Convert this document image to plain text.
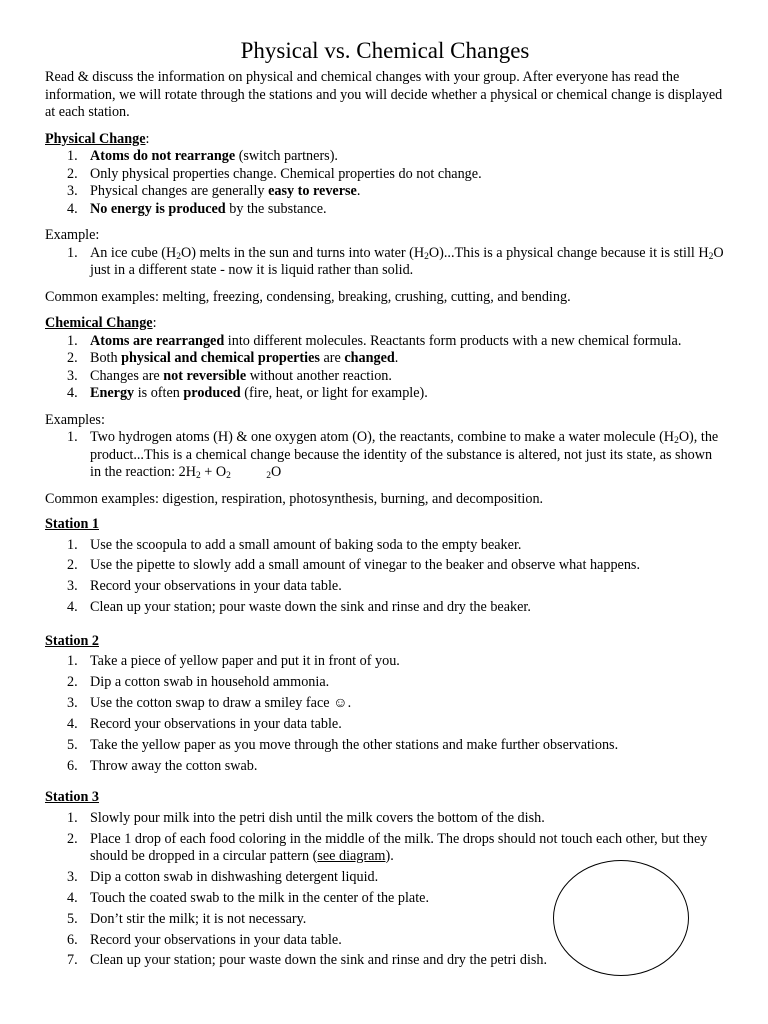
Physical vs. Chemical Changes

Read & discuss the information on physical and chemical changes with your group. After everyone has read the information, we will rotate through the stations and you will decide whether a physical or chemical change is displayed at each station.

Physical Change:

1. Atoms do not rearrange (switch partners).
2. Only physical properties change. Chemical properties do not change.
3. Physical changes are generally easy to reverse.
4. No energy is produced by the substance.

Example:

1. An ice cube $(H_2O)$ melts in the sun and turns into water $(H_2O)...This$ is a physical change because it is still $H_2O$ just in a different state - now it is liquid rather than solid.

Common examples: melting, freezing, condensing, breaking, crushing, cutting, and bending.

Chemical Change:

1. Atoms are rearranged into different molecules. Reactants form products with a new chemical formula.
2. Both physical and chemical properties are changed.
3. Changes are not reversible without another reaction.
4. Energy is often produced (fire, heat, or light for example).

Examples:

1. Two hydrogen atoms (H) & one oxygen atom (O), the reactants, combine to make a water molecule $(H_2O)$, the product...This is a chemical change because the identity of the substance is altered, not just its state, as shown in the reaction: $2H_2 + O_2$	$_2$O

Common examples: digestion, respiration, photosynthesis, burning, and decomposition.

Station 1

1. Use the scoopula to add a small amount of baking soda to the empty beaker.
2. Use the pipette to slowly add a small amount of vinegar to the beaker and observe what happens.
3. Record your observations in your data table.
4. Clean up your station; pour waste down the sink and rinse and dry the beaker.

Station 2

1. Take a piece of yellow paper and put it in front of you.
2. Dip a cotton swab in household ammonia.
3. Use the cotton swap to draw a smiley face ☺.
4. Record your observations in your data table.
5. Take the yellow paper as you move through the other stations and make further observations.
6. Throw away the cotton swab.

Station 3

1. Slowly pour milk into the petri dish until the milk covers the bottom of the dish.
2. Place 1 drop of each food coloring in the middle of the milk. The drops should not touch each other, but they should be dropped in a circular pattern (see diagram).
3. Dip a cotton swab in dishwashing detergent liquid.
4. Touch the coated swab to the milk in the center of the plate.
5. Don’t stir the milk; it is not necessary.
6. Record your observations in your data table.
7. Clean up your station; pour waste down the sink and rinse and dry the petri dish.
